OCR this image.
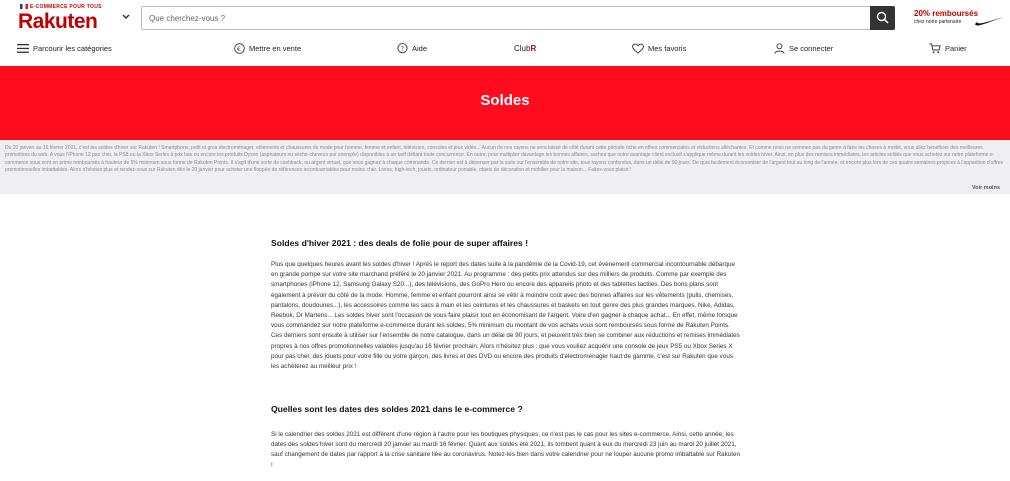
E-COMMERCE POUR TOUS
Rakuten
Que cherchez-vous ?	20% remboursés
chez notre partenaire
Parcourir les catégories	€ Mettre en vente	? Aide	ClubR	Mes favoris	Se connecter	Panier
Soldes
Du 20 janvier au 16 février 2021, c'est les soldes d'hiver sur Rakuten ! Smartphone, petit et gros électroménager, vêtements et chaussures de mode pour homme, femme et enfant, télévision, consoles et jeux vidéo... Aucun de nos rayons ne sera laissé de côté durant cette période riche en offres commerciales et réductions alléchantes. Et comme nous ne sommes pas du genre à faire les choses à moitié, vous allez bénéficier des meilleures promotions du web. A vous l'iPhone 12 pas cher, la PS5 ou la Xbox Series à prix bas ou encore les produits Dyson (aspirateurs ou sèche-cheveux par exemple) disponibles à un tarif défiant toute concurrence. En outre, pour multiplier davantage les bonnes affaires, sachez que notre avantage client exclusif s'applique même durant les soldes hiver. Ainsi, en plus des remises immédiates, les articles soldés que vous achetez sur notre plateforme e-commerce vous sont en prime remboursés à hauteur de 5% minimum sous forme de Rakuten Points. Il s'agit d'une sorte de cashback, ou argent virtuel, que vous gagnez à chaque commande. Ce dernier est à dépenser par la suite sur l'ensemble de notre site, tous rayons confondus, dans un délai de 90 jours. De quoi facilement économiser de l'argent tout au long de l'année, et encore plus lors de ces quatre semaines propices à l'apparition d'offres promotionnelles imbattables. Alors n'hésitez plus et rendez-vous sur Rakuten dès le 20 janvier pour acheter une floppée de références incontournables pour moins cher. Livres, high-tech, jouets, ordinateur portable, objets de décoration et mobilier pour la maison... Faites-vous plaisir !
Voir moins
Soldes d'hiver 2021 : des deals de folie pour de super affaires !
Plus que quelques heures avant les soldes d'hiver ! Après le report des dates suite à la pandémie de la Covid-19, cet évènement commercial incontournable débarque en grande pompe sur votre site marchand préféré le 20 janvier 2021. Au programme : des petits prix attendus sur des milliers de produits. Comme par exemple des smartphones (iPhone 12, Samsung Galaxy S20...), des télévisions, des GoPro Hero ou encore des appareils photo et des tablettes tactiles. Des bons plans sont également à prévoir du côté de la mode. Homme, femme et enfant pourront ainsi se vêtir à moindre coût avec des bonnes affaires sur les vêtements (pulls, chemises, pantalons, doudounes...), les accessoires comme les sacs à main et les ceintures et les chaussures et baskets en tout genre des plus grandes marques. Nike, Adidas, Reebok, Dr Martens... Les soldes hiver sont l'occasion de vous faire plaisir tout en économisant de l'argent. Voire d'en gagner à chaque achat... En effet, même lorsque vous commandez sur notre plateforme e-commerce durant les soldes, 5% minimum du montant de vos achats vous sont remboursés sous forme de Rakuten Points. Ces derniers sont ensuite à utiliser sur l'ensemble de notre catalogue, dans un délai de 90 jours, et peuvent très bien se combiner aux réductions et remises immédiates propres à nos offres promotionnelles valables jusqu'au 16 février prochain. Alors n'hésitez plus : que vous vouliez acquérir une console de jeux PS5 ou Xbox Series X pour pas cher, des jouets pour votre fille ou votre garçon, des livres et des DVD ou encore des produits d'électroménager haut de gamme, c'est sur Rakuten que vous les achèterez au meilleur prix !
Quelles sont les dates des soldes 2021 dans le e-commerce ?
Si le calendrier des soldes 2021 est différent d'une région à l'autre pour les boutiques physiques, ce n'est pas le cas pour les sites e-commerce. Ainsi, cette année, les dates des soldes hiver sont du mercredi 20 janvier au mardi 16 février. Quant aux soldes été 2021, ils tombent quant à eux du mercredi 23 juin au mardi 20 juillet 2021, sauf changement de dates par rapport à la crise sanitaire liée au coronavirus. Notez-les bien dans votre calendrier pour ne louper aucune promo imbattable sur Rakuten !
